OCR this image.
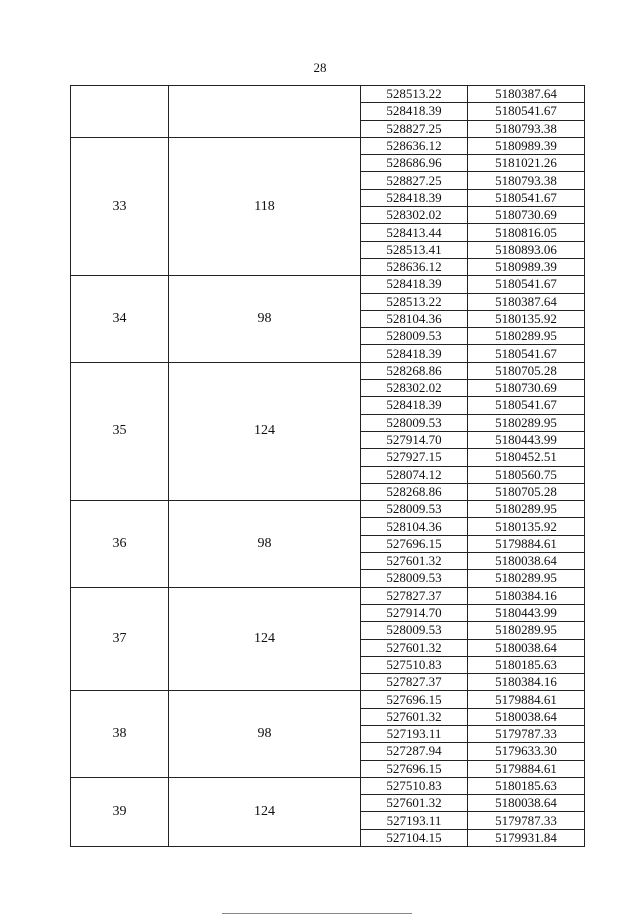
28
		528513.22	5180387.64
		528418.39	5180541.67
		528827.25	5180793.38
33	118	528636.12	5180989.39
		528686.96	5181021.26
		528827.25	5180793.38
		528418.39	5180541.67
		528302.02	5180730.69
		528413.44	5180816.05
		528513.41	5180893.06
		528636.12	5180989.39
34	98	528418.39	5180541.67
		528513.22	5180387.64
		528104.36	5180135.92
		528009.53	5180289.95
		528418.39	5180541.67
35	124	528268.86	5180705.28
		528302.02	5180730.69
		528418.39	5180541.67
		528009.53	5180289.95
		527914.70	5180443.99
		527927.15	5180452.51
		528074.12	5180560.75
		528268.86	5180705.28
36	98	528009.53	5180289.95
		528104.36	5180135.92
		527696.15	5179884.61
		527601.32	5180038.64
		528009.53	5180289.95
37	124	527827.37	5180384.16
		527914.70	5180443.99
		528009.53	5180289.95
		527601.32	5180038.64
		527510.83	5180185.63
		527827.37	5180384.16
38	98	527696.15	5179884.61
		527601.32	5180038.64
		527193.11	5179787.33
		527287.94	5179633.30
		527696.15	5179884.61
39	124	527510.83	5180185.63
		527601.32	5180038.64
		527193.11	5179787.33
		527104.15	5179931.84
